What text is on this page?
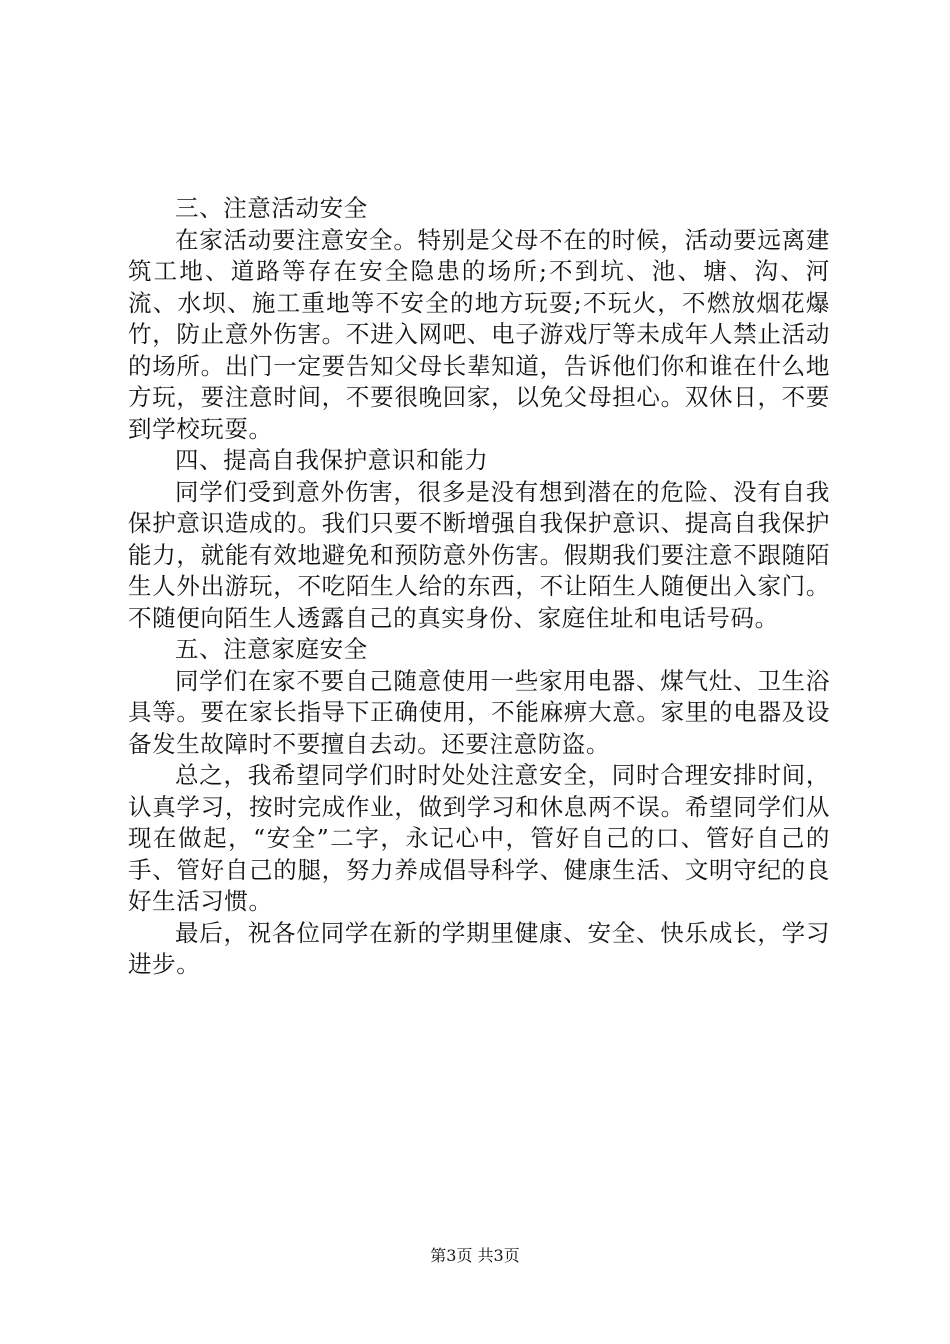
三、注意活动安全

在家活动要注意安全。特别是父母不在的时候，活动要远离建筑工地、道路等存在安全隐患的场所;不到坑、池、塘、沟、河流、水坝、施工重地等不安全的地方玩耍;不玩火，不燃放烟花爆竹，防止意外伤害。不进入网吧、电子游戏厅等未成年人禁止活动的场所。出门一定要告知父母长辈知道，告诉他们你和谁在什么地方玩，要注意时间，不要很晚回家，以免父母担心。双休日，不要到学校玩耍。

四、提高自我保护意识和能力

同学们受到意外伤害，很多是没有想到潜在的危险、没有自我保护意识造成的。我们只要不断增强自我保护意识、提高自我保护能力，就能有效地避免和预防意外伤害。假期我们要注意不跟随陌生人外出游玩，不吃陌生人给的东西，不让陌生人随便出入家门。不随便向陌生人透露自己的真实身份、家庭住址和电话号码。

五、注意家庭安全

同学们在家不要自己随意使用一些家用电器、煤气灶、卫生浴具等。要在家长指导下正确使用，不能麻痹大意。家里的电器及设备发生故障时不要擅自去动。还要注意防盗。

总之，我希望同学们时时处处注意安全，同时合理安排时间，认真学习，按时完成作业，做到学习和休息两不误。希望同学们从现在做起，“安全”二字，永记心中，管好自己的口、管好自己的手、管好自己的腿，努力养成倡导科学、健康生活、文明守纪的良好生活习惯。

最后，祝各位同学在新的学期里健康、安全、快乐成长，学习进步。

第3页 共3页
